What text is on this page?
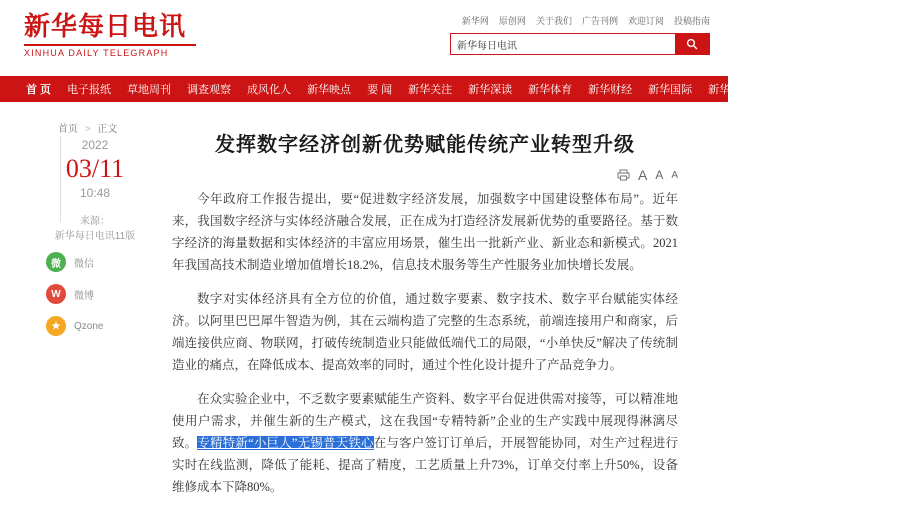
新华每日电讯
XINHUA DAILY TELEGRAPH
新华网 原创网 关于我们 广告刊例 欢迎订阅 投稿指南
新华每日电讯
首 页 电子报纸 草地周刊 调查观察 成风化人 新华映点 要 闻 新华关注 新华深读 新华体育 新华财经 新华国际 新华融媒 精彩专题 医卫健康 看天下
首页 > 正文
2022
03/11
10:48
来源：
新华每日电讯11版
微	微信
W	微博
★	Qzone
发挥数字经济创新优势赋能传统产业转型升级
A A A

今年政府工作报告提出，要“促进数字经济发展，加强数字中国建设整体布局”。近年来，我国数字经济与实体经济融合发展，正在成为打造经济发展新优势的重要路径。基于数字经济的海量数据和实体经济的丰富应用场景，催生出一批新产业、新业态和新模式。2021年我国高技术制造业增加值增长18.2%，信息技术服务等生产性服务业加快增长发展。

数字对实体经济具有全方位的价值，通过数字要素、数字技术、数字平台赋能实体经济。以阿里巴巴犀牛智造为例，其在云端构造了完整的生态系统，前端连接用户和商家，后端连接供应商、物联网，打破传统制造业只能做低端代工的局限，“小单快反”解决了传统制造业的痛点，在降低成本、提高效率的同时，通过个性化设计提升了产品竞争力。

在众实验企业中，不乏数字要素赋能生产资料、数字平台促进供需对接等，可以精准地使用户需求，并催生新的生产模式，这在我国“专精特新”企业的生产实践中展现得淋漓尽致。专精特新“小巨人”无锡普天铁心在与客户签订订单后，开展智能协同，对生产过程进行实时在线监测，降低了能耗、提高了精度，工艺质量上升73%，订单交付率上升50%，设备维修成本下降80%。
